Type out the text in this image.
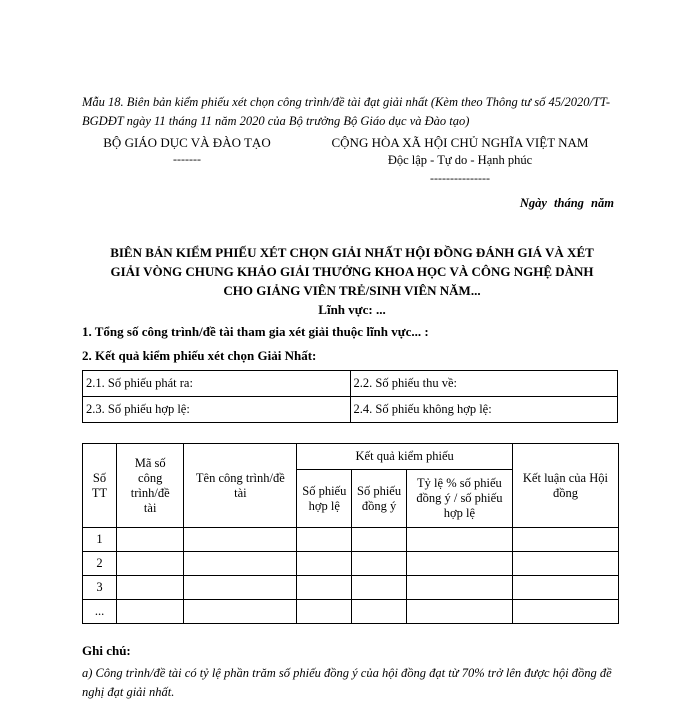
Mẫu 18. Biên bản kiểm phiếu xét chọn công trình/đề tài đạt giải nhất (Kèm theo Thông tư số 45/2020/TT-BGDĐT ngày 11 tháng 11 năm 2020 của Bộ trưởng Bộ Giáo dục và Đào tạo)
BỘ GIÁO DỤC VÀ ĐÀO TẠO
-------
CỘNG HÒA XÃ HỘI CHỦ NGHĨA VIỆT NAM
Độc lập - Tự do - Hạnh phúc
---------------
Ngày tháng năm
BIÊN BẢN KIỂM PHIẾU XÉT CHỌN GIẢI NHẤT HỘI ĐỒNG ĐÁNH GIÁ VÀ XÉT
GIẢI VÒNG CHUNG KHẢO GIẢI THƯỞNG KHOA HỌC VÀ CÔNG NGHỆ DÀNH
CHO GIẢNG VIÊN TRẺ/SINH VIÊN NĂM...
Lĩnh vực: ...
1. Tổng số công trình/đề tài tham gia xét giải thuộc lĩnh vực... :
2. Kết quả kiểm phiếu xét chọn Giải Nhất:
2.1. Số phiếu phát ra:	2.2. Số phiếu thu về:
2.3. Số phiếu hợp lệ:	2.4. Số phiếu không hợp lệ:
Số TT	Mã số công trình/đề tài	Tên công trình/đề tài	Kết quả kiểm phiếu			Kết luận của Hội đồng
			Số phiếu hợp lệ	Số phiếu đồng ý	Tỷ lệ % số phiếu đồng ý / số phiếu hợp lệ	
1						
2						
3						
...						
Ghi chú:
a) Công trình/đề tài có tỷ lệ phần trăm số phiếu đồng ý của hội đồng đạt từ 70% trở lên được hội đồng đề nghị đạt giải nhất.
